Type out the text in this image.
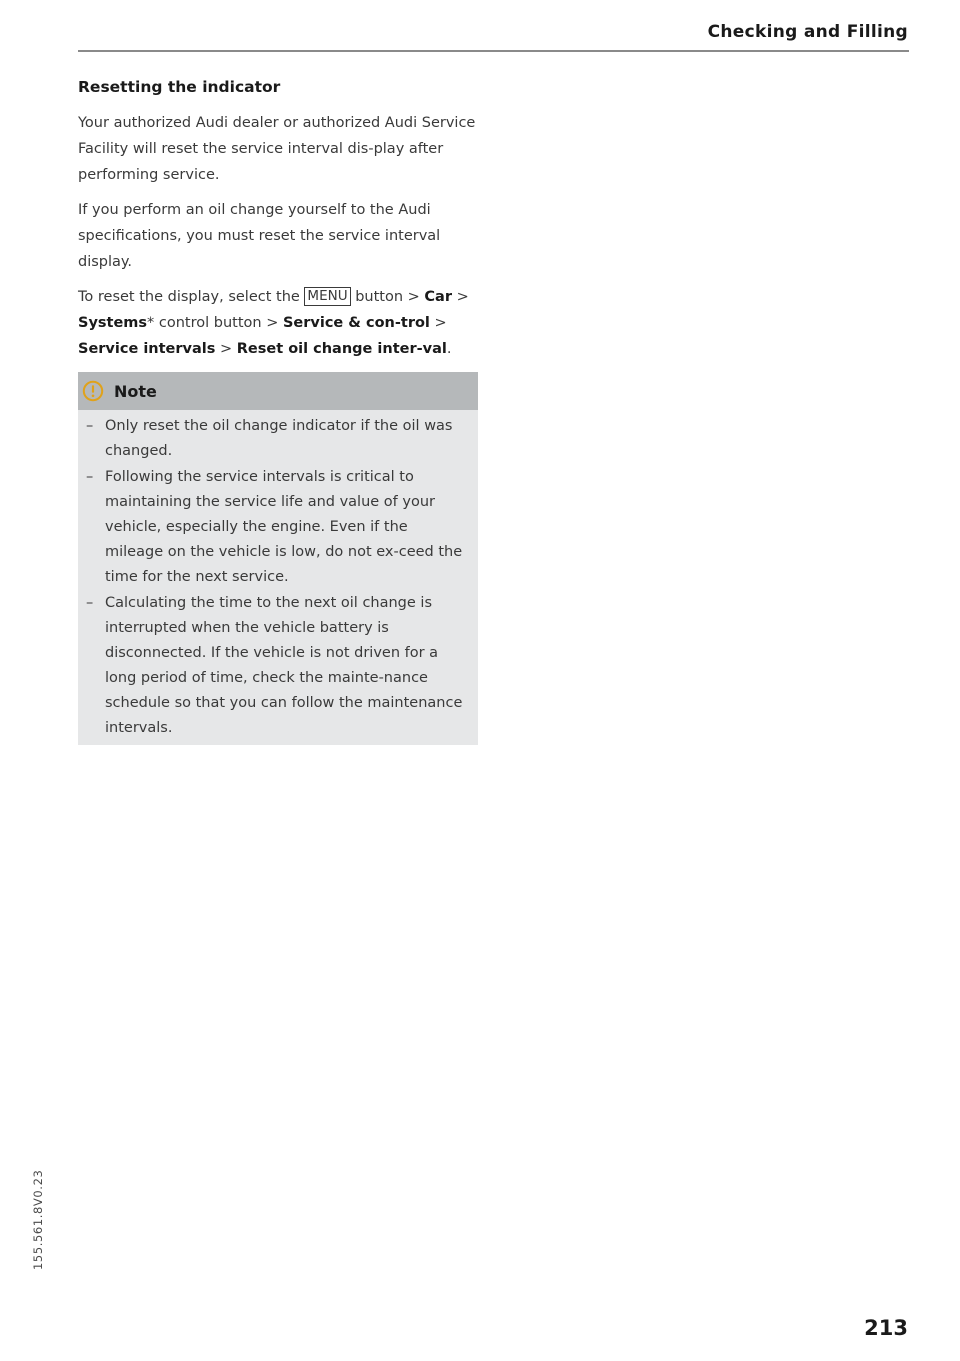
Checking and Filling
Resetting the indicator

Your authorized Audi dealer or authorized Audi Service Facility will reset the service interval dis-play after performing service.

If you perform an oil change yourself to the Audi specifications, you must reset the service interval display.

To reset the display, select the MENU button > Car > Systems* control button > Service & con-trol > Service intervals > Reset oil change inter-val.

Note
– Only reset the oil change indicator if the oil was changed.
– Following the service intervals is critical to maintaining the service life and value of your vehicle, especially the engine. Even if the mileage on the vehicle is low, do not ex-ceed the time for the next service.
– Calculating the time to the next oil change is interrupted when the vehicle battery is disconnected. If the vehicle is not driven for a long period of time, check the mainte-nance schedule so that you can follow the maintenance intervals.
155.561.8V0.23
213
